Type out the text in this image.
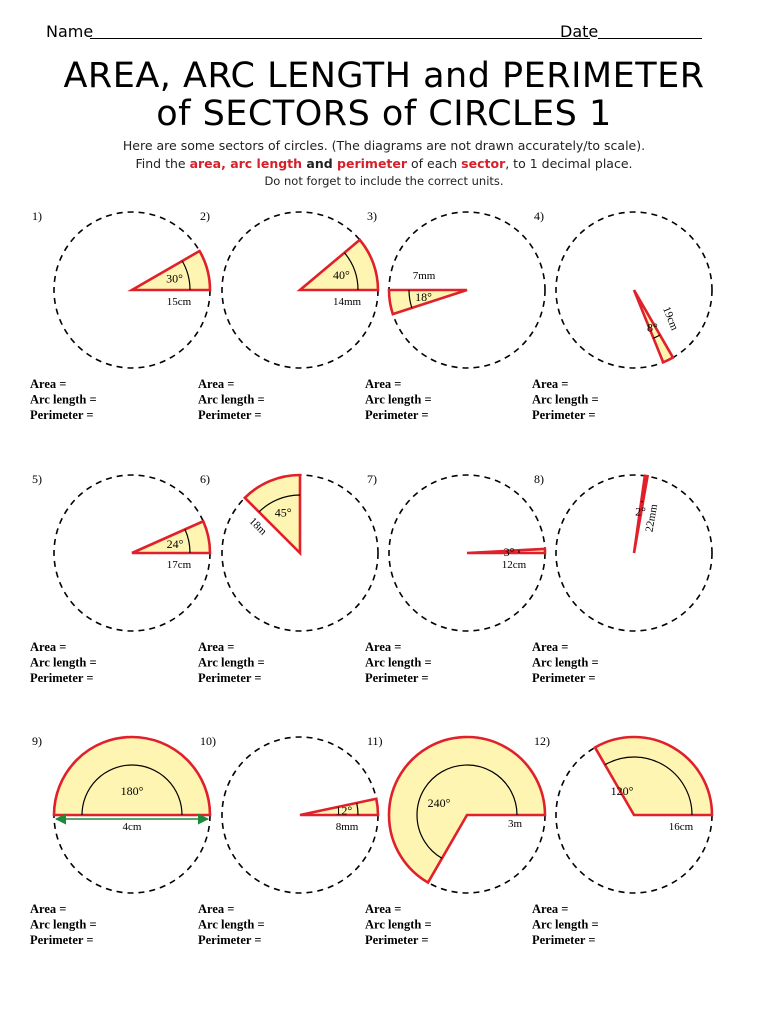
Name	Date
AREA, ARC LENGTH and PERIMETER
of SECTORS of CIRCLES 1
Here are some sectors of circles. (The diagrams are not drawn accurately/to scale).
Find the area, arc length and perimeter of each sector, to 1 decimal place.
Do not forget to include the correct units.
30°
15cm
1)
Area =
Arc length =
Perimeter =
40°
14mm
2)
Area =
Arc length =
Perimeter =
18°
7mm
3)
Area =
Arc length =
Perimeter =
8° 19cm
4)
Area =
Arc length =
Perimeter =
24°
17cm
5)
Area =
Arc length =
Perimeter =
45°
18m
6)
Area =
Arc length =
Perimeter =
3°
12cm
7)
Area =
Arc length =
Perimeter =
2°
22mm
8)
Area =
Arc length =
Perimeter =
180°
4cm
9)
Area =
Arc length =
Perimeter =
12°
8mm
10)
Area =
Arc length =
Perimeter =
240°
3m
11)
Area =
Arc length =
Perimeter =
120°
16cm
12)
Area =
Arc length =
Perimeter =
